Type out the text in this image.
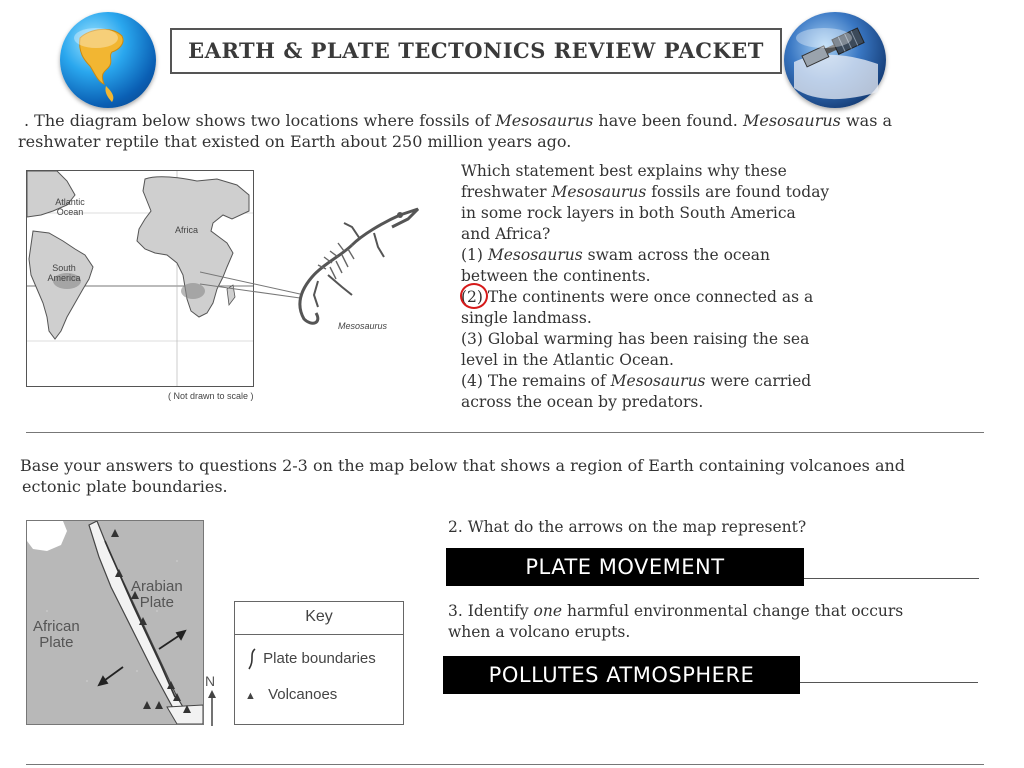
EARTH & PLATE TECTONICS REVIEW PACKET
. The diagram below shows two locations where fossils of Mesosaurus have been found. Mesosaurus was a
reshwater reptile that existed on Earth about 250 million years ago.
Atlantic
Ocean
Africa
South
America
( Not drawn to scale )
Mesosaurus
Which statement best explains why these
freshwater Mesosaurus fossils are found today
in some rock layers in both South America
and Africa?
(1) Mesosaurus swam across the ocean
between the continents.
(2) The continents were once connected as a
single landmass.
(3) Global warming has been raising the sea
level in the Atlantic Ocean.
(4) The remains of Mesosaurus were carried
across the ocean by predators.
Base your answers to questions 2-3 on the map below that shows a region of Earth containing volcanoes and
ectonic plate boundaries.
Arabian
Plate
African
Plate
N
Key
Plate boundaries
▲ Volcanoes
2. What do the arrows on the map represent?
PLATE MOVEMENT
3. Identify one harmful environmental change that occurs
when a volcano erupts.
POLLUTES ATMOSPHERE
